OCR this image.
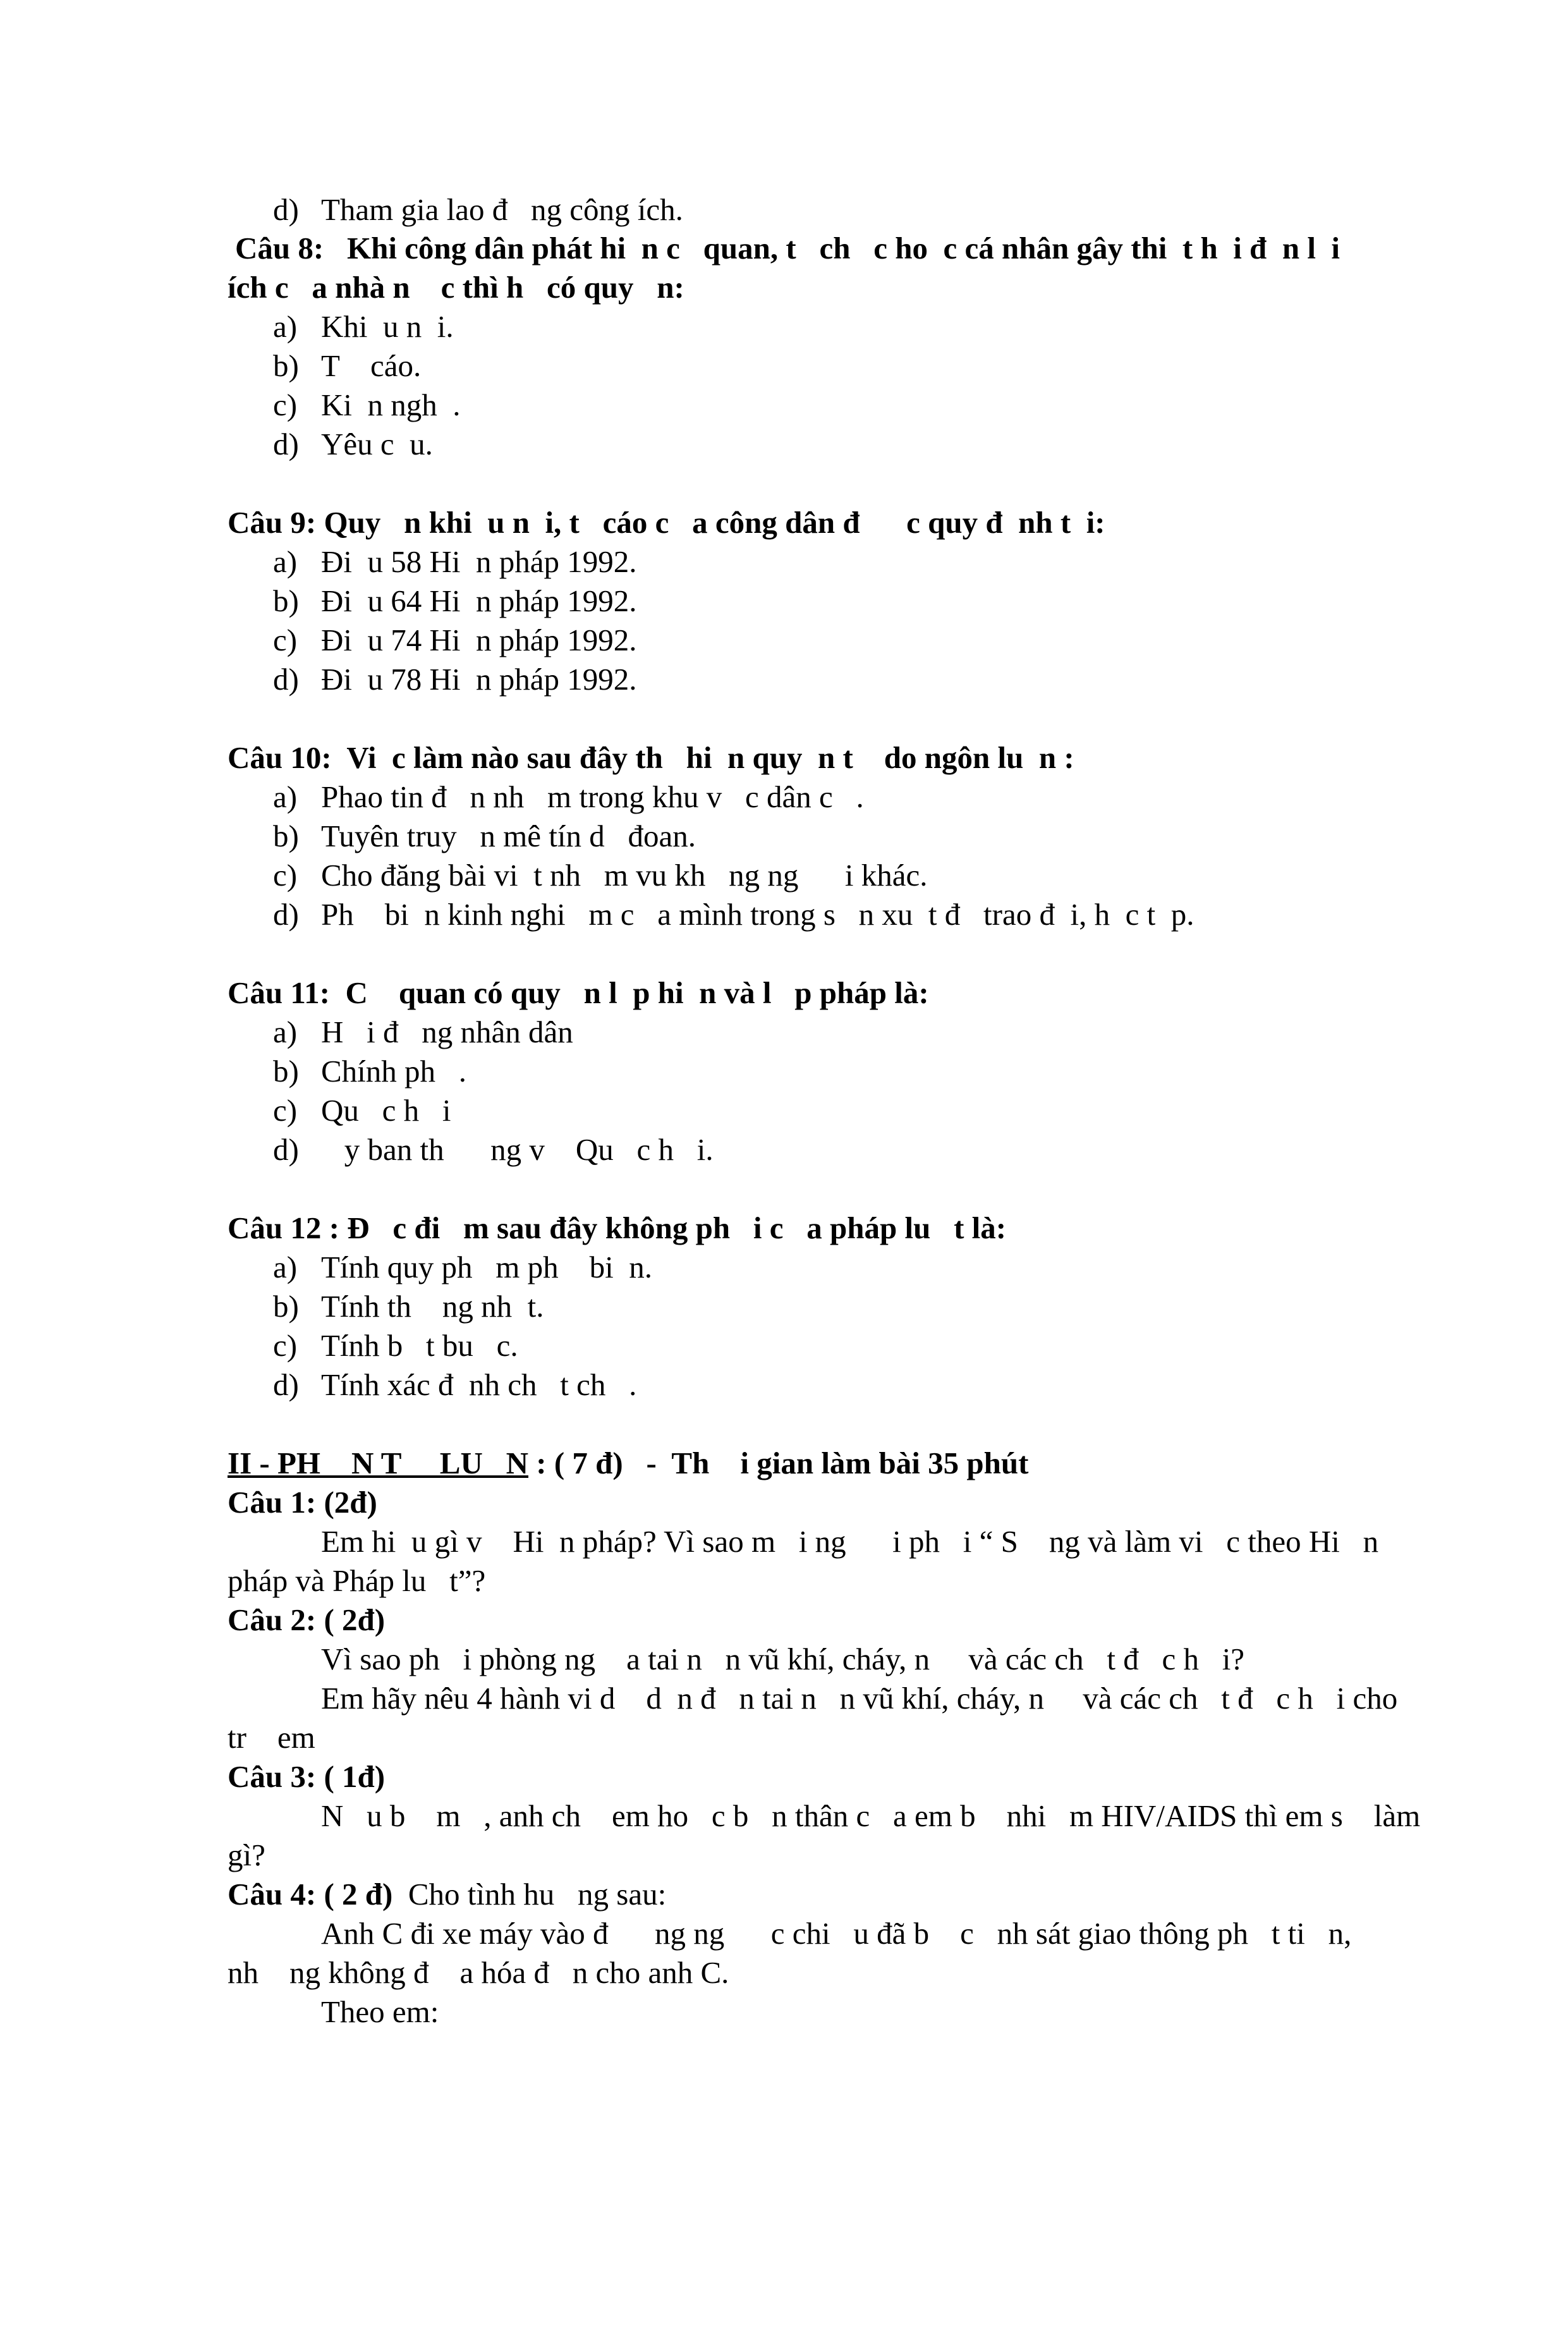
d) Tham gia lao đ   ng công ích.

Câu 8:   Khi công dân phát hi  n c   quan, t   ch   c ho  c cá nhân gây thi  t h  i đ  n l  i

ích c   a nhà n    c thì h   có quy   n:

a) Khi  u n  i.

b) T    cáo.

c) Ki  n ngh  .

d) Yêu c  u.

Câu 9: Quy   n khi  u n  i, t   cáo c   a công dân đ      c quy đ  nh t  i:

a) Đi  u 58 Hi  n pháp 1992.

b) Đi  u 64 Hi  n pháp 1992.

c) Đi  u 74 Hi  n pháp 1992.

d) Đi  u 78 Hi  n pháp 1992.

Câu 10:  Vi  c làm nào sau đây th   hi  n quy  n t    do ngôn lu  n :

a) Phao tin đ   n nh   m trong khu v   c dân c   .

b) Tuyên truy   n mê tín d   đoan.

c) Cho đăng bài vi  t nh   m vu kh   ng ng      i khác.

d) Ph    bi  n kinh nghi   m c   a mình trong s   n xu  t đ   trao đ  i, h  c t  p.

Câu 11:  C    quan có quy   n l  p hi  n và l   p pháp là:

a) H   i đ   ng nhân dân

b) Chính ph   .

c) Qu   c h   i

d)   y ban th      ng v    Qu   c h   i.

Câu 12 : Đ   c đi   m sau đây không ph   i c   a pháp lu   t là:

a) Tính quy ph   m ph    bi  n.

b) Tính th    ng nh  t.

c) Tính b   t bu   c.

d) Tính xác đ  nh ch   t ch   .

II - PH    N T     LU   N : ( 7 đ)   -  Th    i gian làm bài 35 phút

Câu 1: (2đ)

Em hi  u gì v    Hi  n pháp? Vì sao m   i ng      i ph   i “ S    ng và làm vi   c theo Hi   n

pháp và Pháp lu   t”?

Câu 2: ( 2đ)

Vì sao ph   i phòng ng    a tai n   n vũ khí, cháy, n     và các ch   t đ   c h   i?

Em hãy nêu 4 hành vi d    d  n đ   n tai n   n vũ khí, cháy, n     và các ch   t đ   c h   i cho

tr    em

Câu 3: ( 1đ)

N   u b    m   , anh ch    em ho   c b   n thân c   a em b    nhi   m HIV/AIDS thì em s    làm

gì?

Câu 4: ( 2 đ)  Cho tình hu   ng sau:

Anh C đi xe máy vào đ      ng ng      c chi   u đã b    c   nh sát giao thông ph   t ti   n,

nh    ng không đ    a hóa đ   n cho anh C.

Theo em:
